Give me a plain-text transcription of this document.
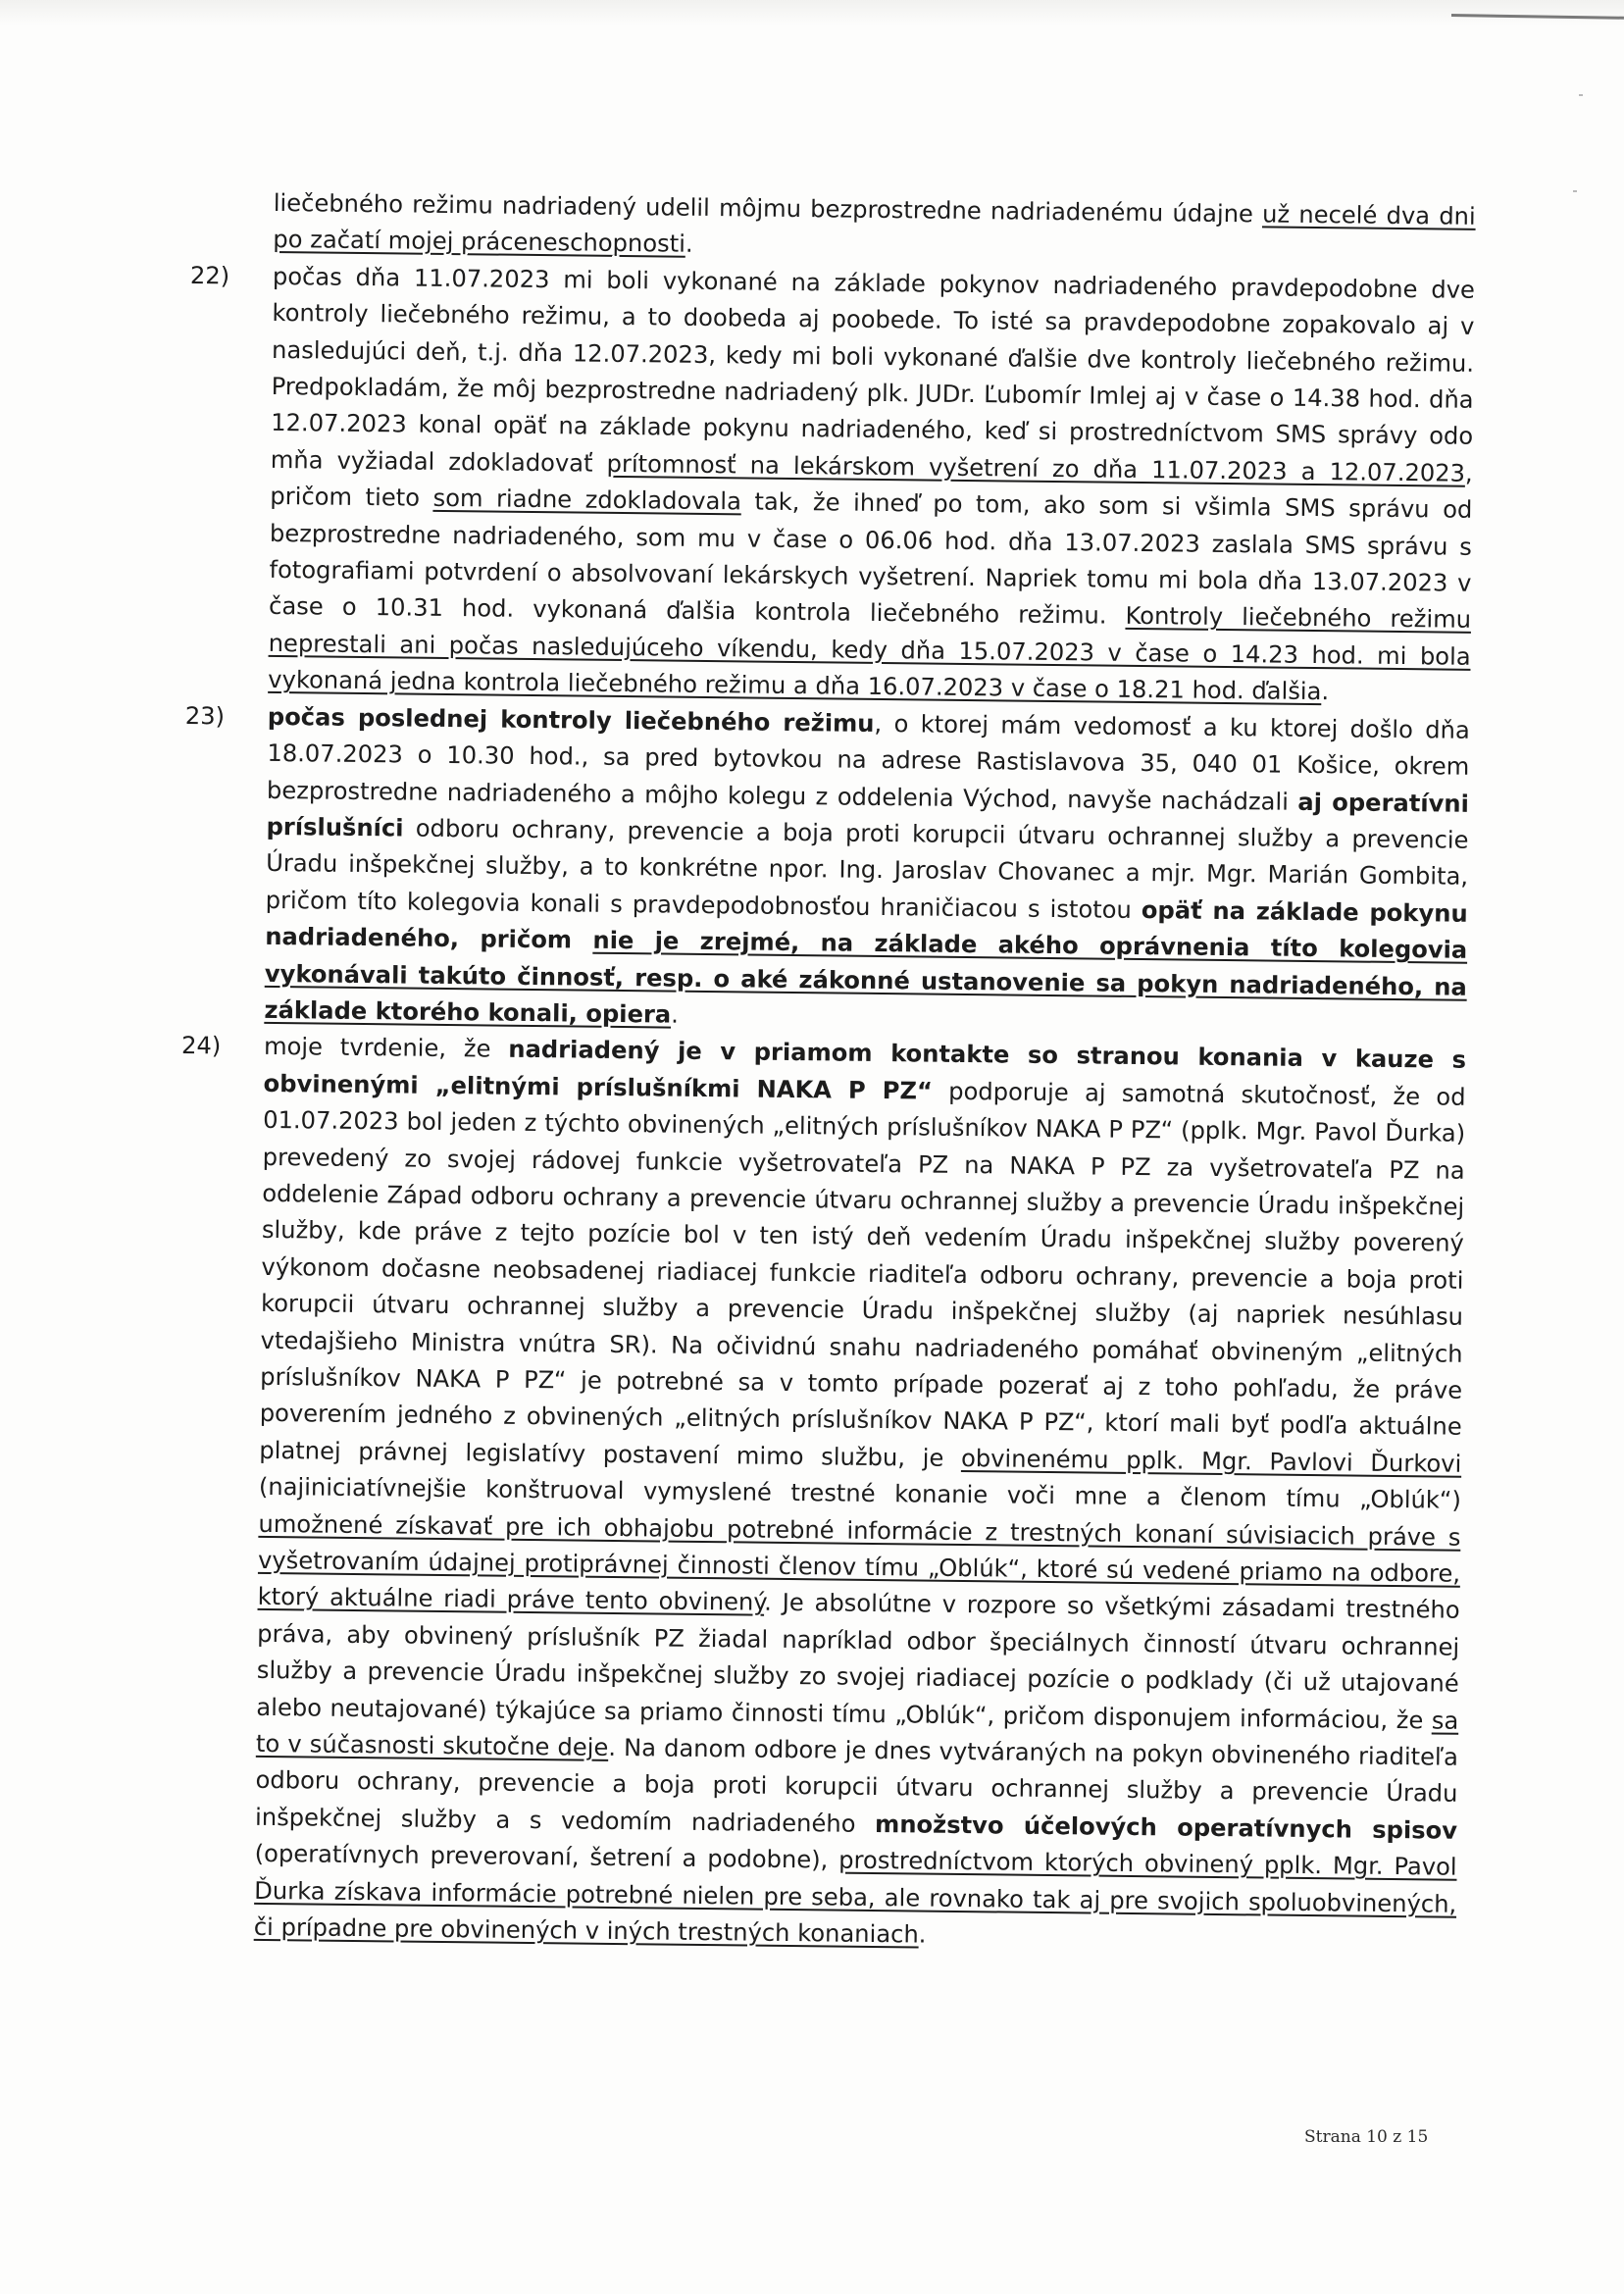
liečebného režimu nadriadený udelil môjmu bezprostredne nadriadenému údajne už necelé dva dni po začatí mojej práceneschopnosti.

22) počas dňa 11.07.2023 mi boli vykonané na základe pokynov nadriadeného pravdepodobne dve kontroly liečebného režimu, a to doobeda aj poobede. To isté sa pravdepodobne zopakovalo aj v nasledujúci deň, t.j. dňa 12.07.2023, kedy mi boli vykonané ďalšie dve kontroly liečebného režimu. Predpokladám, že môj bezprostredne nadriadený plk. JUDr. Ľubomír Imlej aj v čase o 14.38 hod. dňa 12.07.2023 konal opäť na základe pokynu nadriadeného, keď si prostredníctvom SMS správy odo mňa vyžiadal zdokladovať prítomnosť na lekárskom vyšetrení zo dňa 11.07.2023 a 12.07.2023, pričom tieto som riadne zdokladovala tak, že ihneď po tom, ako som si všimla SMS správu od bezprostredne nadriadeného, som mu v čase o 06.06 hod. dňa 13.07.2023 zaslala SMS správu s fotografiami potvrdení o absolvovaní lekárskych vyšetrení. Napriek tomu mi bola dňa 13.07.2023 v čase o 10.31 hod. vykonaná ďalšia kontrola liečebného režimu. Kontroly liečebného režimu neprestali ani počas nasledujúceho víkendu, kedy dňa 15.07.2023 v čase o 14.23 hod. mi bola vykonaná jedna kontrola liečebného režimu a dňa 16.07.2023 v čase o 18.21 hod. ďalšia.
23) počas poslednej kontroly liečebného režimu, o ktorej mám vedomosť a ku ktorej došlo dňa 18.07.2023 o 10.30 hod., sa pred bytovkou na adrese Rastislavova 35, 040 01 Košice, okrem bezprostredne nadriadeného a môjho kolegu z oddelenia Východ, navyše nachádzali aj operatívni príslušníci odboru ochrany, prevencie a boja proti korupcii útvaru ochrannej služby a prevencie Úradu inšpekčnej služby, a to konkrétne npor. Ing. Jaroslav Chovanec a mjr. Mgr. Marián Gombita, pričom títo kolegovia konali s pravdepodobnosťou hraničiacou s istotou opäť na základe pokynu nadriadeného, pričom nie je zrejmé, na základe akého oprávnenia títo kolegovia vykonávali takúto činnosť, resp. o aké zákonné ustanovenie sa pokyn nadriadeného, na základe ktorého konali, opiera.
24) moje tvrdenie, že nadriadený je v priamom kontakte so stranou konania v kauze s obvinenými „elitnými príslušníkmi NAKA P PZ“ podporuje aj samotná skutočnosť, že od 01.07.2023 bol jeden z týchto obvinených „elitných príslušníkov NAKA P PZ“ (pplk. Mgr. Pavol Ďurka) prevedený zo svojej rádovej funkcie vyšetrovateľa PZ na NAKA P PZ za vyšetrovateľa PZ na oddelenie Západ odboru ochrany a prevencie útvaru ochrannej služby a prevencie Úradu inšpekčnej služby, kde práve z tejto pozície bol v ten istý deň vedením Úradu inšpekčnej služby poverený výkonom dočasne neobsadenej riadiacej funkcie riaditeľa odboru ochrany, prevencie a boja proti korupcii útvaru ochrannej služby a prevencie Úradu inšpekčnej služby (aj napriek nesúhlasu vtedajšieho Ministra vnútra SR). Na očividnú snahu nadriadeného pomáhať obvineným „elitných príslušníkov NAKA P PZ“ je potrebné sa v tomto prípade pozerať aj z toho pohľadu, že práve poverením jedného z obvinených „elitných príslušníkov NAKA P PZ“, ktorí mali byť podľa aktuálne platnej právnej legislatívy postavení mimo službu, je obvinenému pplk. Mgr. Pavlovi Ďurkovi (najiniciatívnejšie konštruoval vymyslené trestné konanie voči mne a členom tímu „Oblúk“) umožnené získavať pre ich obhajobu potrebné informácie z trestných konaní súvisiacich práve s vyšetrovaním údajnej protiprávnej činnosti členov tímu „Oblúk“, ktoré sú vedené priamo na odbore, ktorý aktuálne riadi práve tento obvinený. Je absolútne v rozpore so všetkými zásadami trestného práva, aby obvinený príslušník PZ žiadal napríklad odbor špeciálnych činností útvaru ochrannej služby a prevencie Úradu inšpekčnej služby zo svojej riadiacej pozície o podklady (či už utajované alebo neutajované) týkajúce sa priamo činnosti tímu „Oblúk“, pričom disponujem informáciou, že sa to v súčasnosti skutočne deje. Na danom odbore je dnes vytváraných na pokyn obvineného riaditeľa odboru ochrany, prevencie a boja proti korupcii útvaru ochrannej služby a prevencie Úradu inšpekčnej služby a s vedomím nadriadeného množstvo účelových operatívnych spisov (operatívnych preverovaní, šetrení a podobne), prostredníctvom ktorých obvinený pplk. Mgr. Pavol Ďurka získava informácie potrebné nielen pre seba, ale rovnako tak aj pre svojich spoluobvinených, či prípadne pre obvinených v iných trestných konaniach.
Strana 10 z 15
